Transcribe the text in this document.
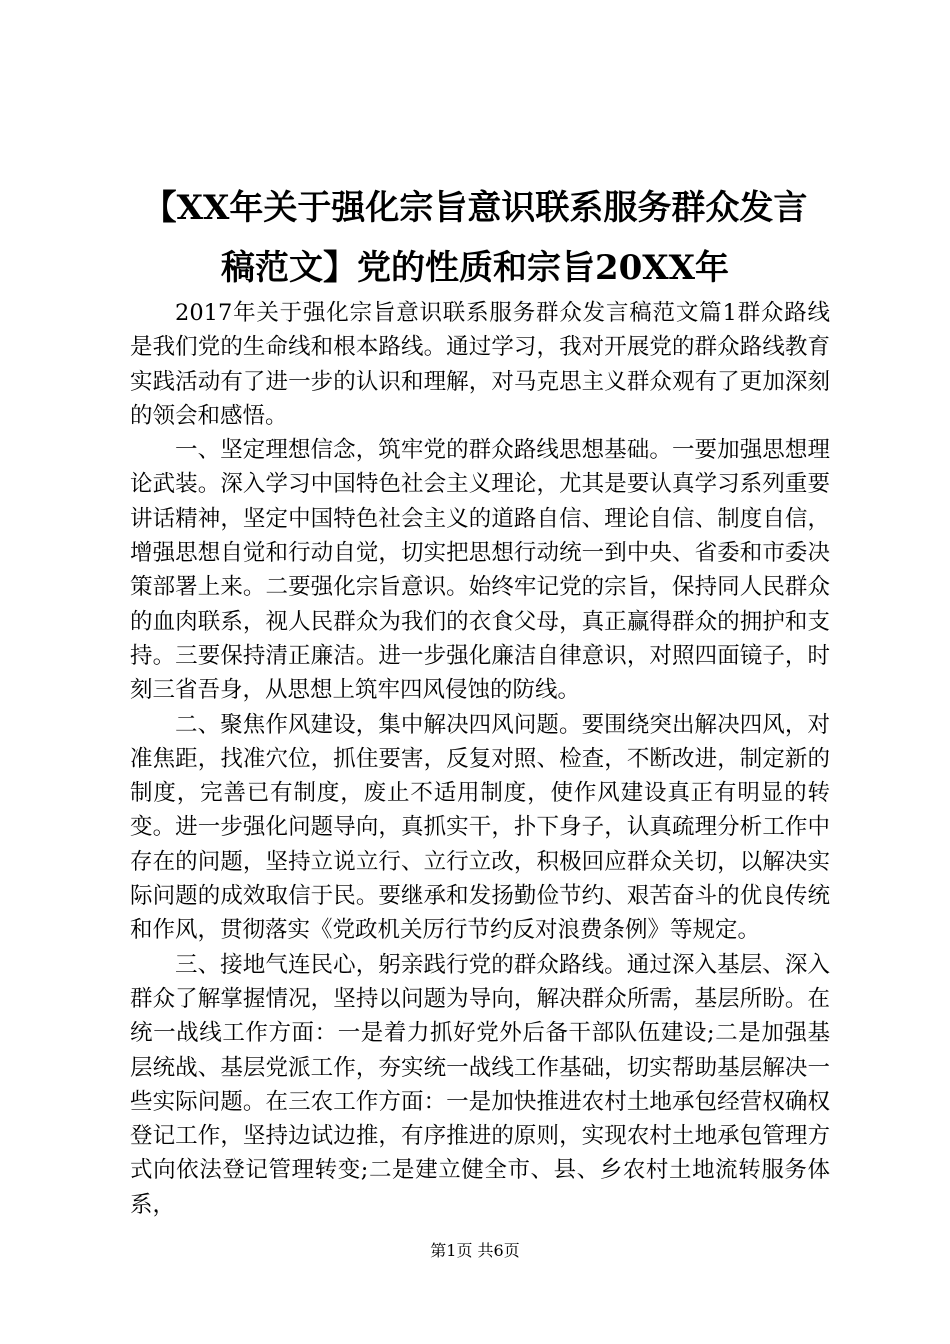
【XX年关于强化宗旨意识联系服务群众发言
稿范文】党的性质和宗旨20XX年

2017年关于强化宗旨意识联系服务群众发言稿范文篇1群众路线是我们党的生命线和根本路线。通过学习，我对开展党的群众路线教育实践活动有了进一步的认识和理解，对马克思主义群众观有了更加深刻的领会和感悟。

一、坚定理想信念，筑牢党的群众路线思想基础。一要加强思想理论武装。深入学习中国特色社会主义理论，尤其是要认真学习系列重要讲话精神，坚定中国特色社会主义的道路自信、理论自信、制度自信，增强思想自觉和行动自觉，切实把思想行动统一到中央、省委和市委决策部署上来。二要强化宗旨意识。始终牢记党的宗旨，保持同人民群众的血肉联系，视人民群众为我们的衣食父母，真正赢得群众的拥护和支持。三要保持清正廉洁。进一步强化廉洁自律意识，对照四面镜子，时刻三省吾身，从思想上筑牢四风侵蚀的防线。

二、聚焦作风建设，集中解决四风问题。要围绕突出解决四风，对准焦距，找准穴位，抓住要害，反复对照、检查，不断改进，制定新的制度，完善已有制度，废止不适用制度，使作风建设真正有明显的转变。进一步强化问题导向，真抓实干，扑下身子，认真疏理分析工作中存在的问题，坚持立说立行、立行立改，积极回应群众关切，以解决实际问题的成效取信于民。要继承和发扬勤俭节约、艰苦奋斗的优良传统和作风，贯彻落实《党政机关厉行节约反对浪费条例》等规定。

三、接地气连民心，躬亲践行党的群众路线。通过深入基层、深入群众了解掌握情况，坚持以问题为导向，解决群众所需，基层所盼。在统一战线工作方面：一是着力抓好党外后备干部队伍建设;二是加强基层统战、基层党派工作，夯实统一战线工作基础，切实帮助基层解决一些实际问题。在三农工作方面：一是加快推进农村土地承包经营权确权登记工作，坚持边试边推，有序推进的原则，实现农村土地承包管理方式向依法登记管理转变;二是建立健全市、县、乡农村土地流转服务体系，

第1页 共6页
